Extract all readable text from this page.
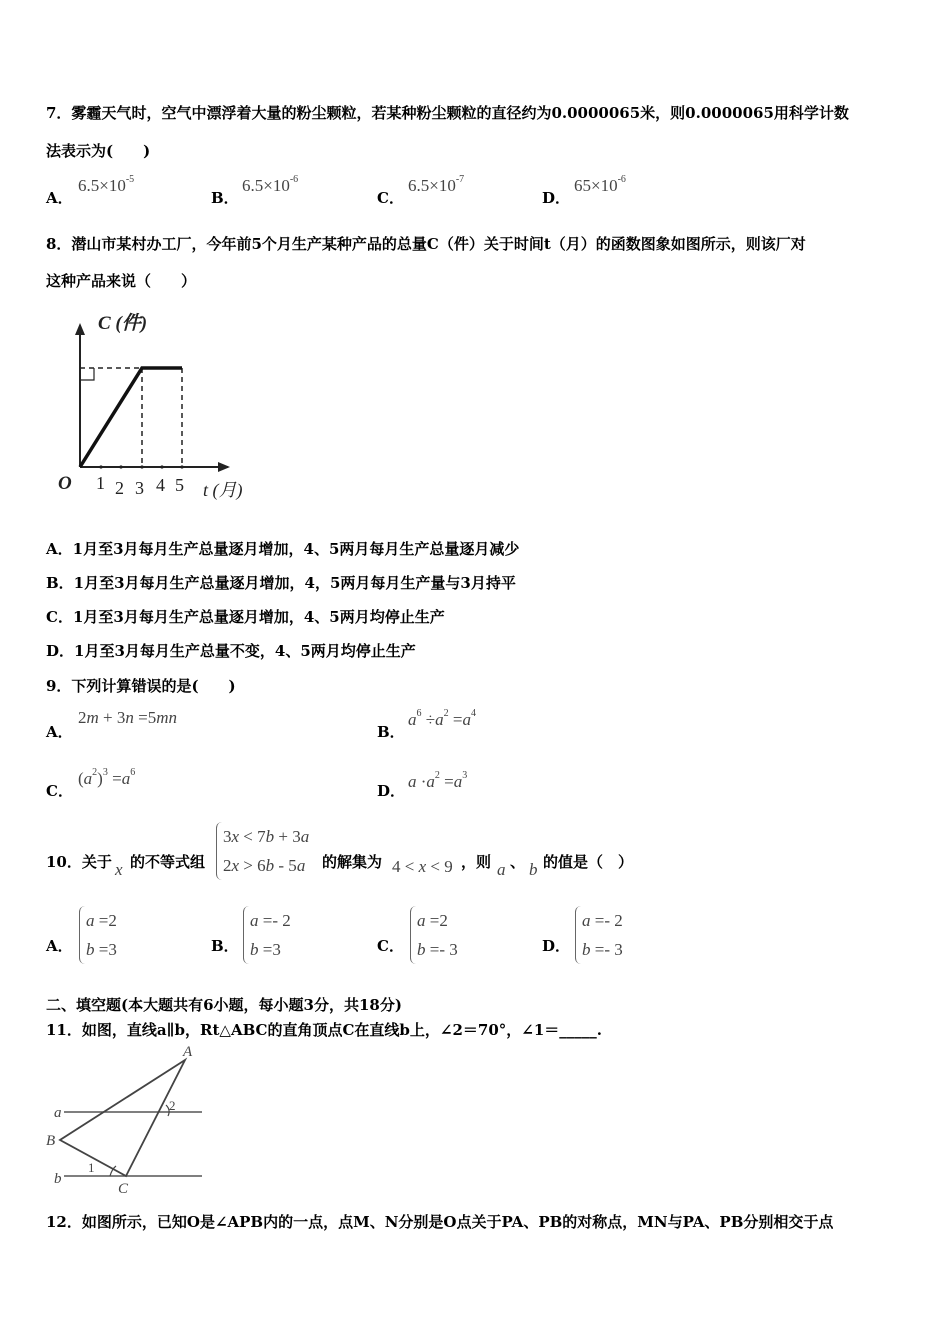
7．雾霾天气时，空气中漂浮着大量的粉尘颗粒，若某种粉尘颗粒的直径约为0.0000065米，则0.0000065用科学计数
法表示为(　　)
A．
$6.5\times 10^{-5}$
B．
$6.5\times 10^{-6}$
C．
$6.5\times 10^{-7}$
D．
$65\times 10^{-6}$
8．潜山市某村办工厂，今年前5个月生产某种产品的总量C（件）关于时间t（月）的函数图象如图所示，则该厂对
这种产品来说（　　）
C (件)
O 1 2 3 4 5 t (月)
A．1月至3月每月生产总量逐月增加，4、5两月每月生产总量逐月减少
B．1月至3月每月生产总量逐月增加，4，5两月每月生产量与3月持平
C．1月至3月每月生产总量逐月增加，4、5两月均停止生产
D．1月至3月每月生产总量不变，4、5两月均停止生产
9．下列计算错误的是(　　)
A．
2m + 3n =5mn
B．
$a^6 \div a^2 =a^4$
C．
$(a^2)^3 =a^6$
D． $a \cdot a^2 =a^3$
10．关于 x 的不等式组
3x < 7b + 3a
2x > 6b - 5a 的解集为 4 < x < 9 ，则 a 、 b 的值是（　）
A．
a =2
b =3	B．
a =- 2
b =3	C．
a =2
b =- 3	D．
a =- 2
b =- 3
二、填空题(本大题共有6小题，每小题3分，共18分)
11．如图，直线a∥b，Rt△ABC的直角顶点C在直线b上，∠2＝70°，∠1＝_____.
A
B
C
a
b
1
2
12．如图所示，已知O是∠APB内的一点，点M、N分别是O点关于PA、PB的对称点，MN与PA、PB分别相交于点
